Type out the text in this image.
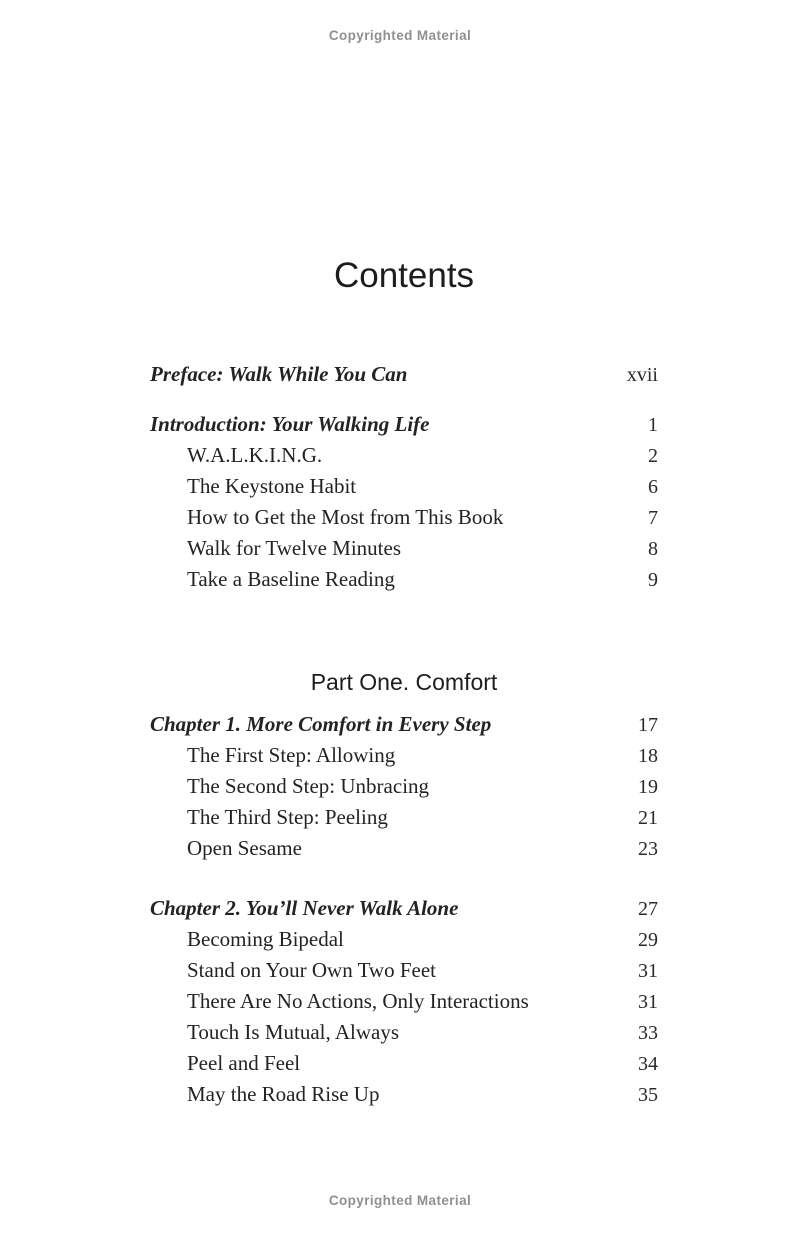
Copyrighted Material
Contents
Preface: Walk While You Can	xvii
Introduction: Your Walking Life	1
W.A.L.K.I.N.G.	2
The Keystone Habit	6
How to Get the Most from This Book	7
Walk for Twelve Minutes	8
Take a Baseline Reading	9
Part One. Comfort
Chapter 1. More Comfort in Every Step	17
The First Step: Allowing	18
The Second Step: Unbracing	19
The Third Step: Peeling	21
Open Sesame	23
Chapter 2. You’ll Never Walk Alone	27
Becoming Bipedal	29
Stand on Your Own Two Feet	31
There Are No Actions, Only Interactions	31
Touch Is Mutual, Always	33
Peel and Feel	34
May the Road Rise Up	35
Copyrighted Material
